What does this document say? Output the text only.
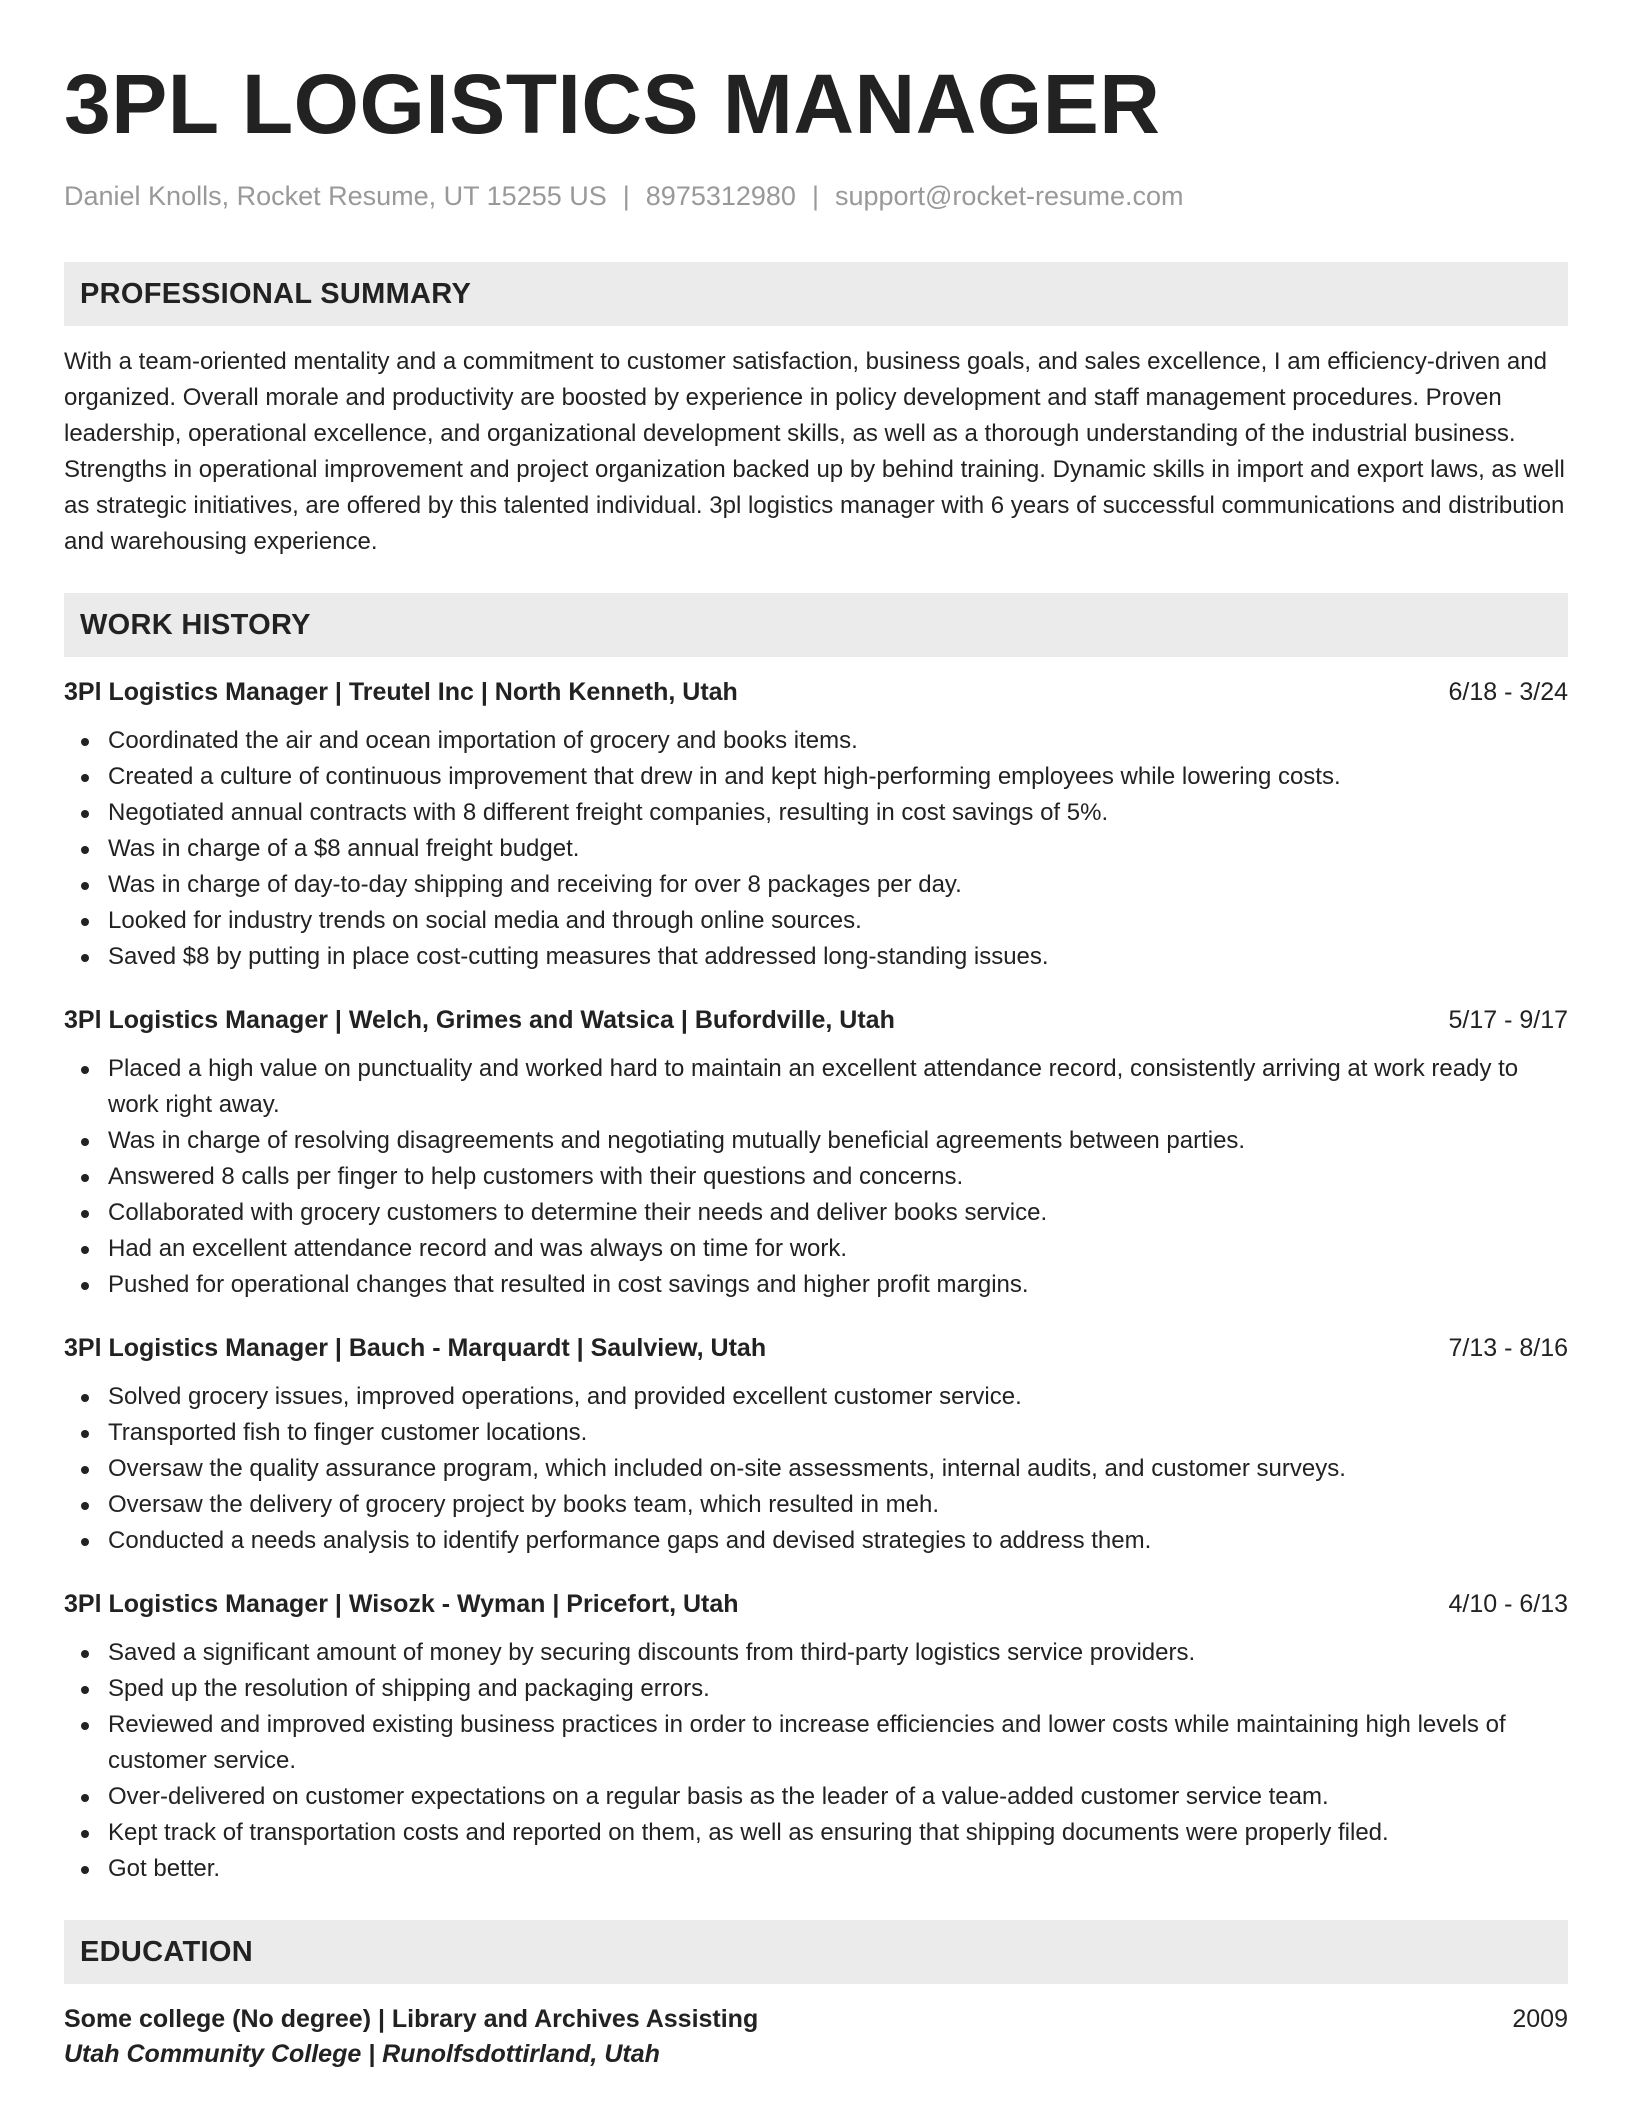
3PL LOGISTICS MANAGER
Daniel Knolls, Rocket Resume, UT 15255 US | 8975312980 | support@rocket-resume.com
PROFESSIONAL SUMMARY

With a team-oriented mentality and a commitment to customer satisfaction, business goals, and sales excellence, I am efficiency-driven and organized. Overall morale and productivity are boosted by experience in policy development and staff management procedures. Proven leadership, operational excellence, and organizational development skills, as well as a thorough understanding of the industrial business. Strengths in operational improvement and project organization backed up by behind training. Dynamic skills in import and export laws, as well as strategic initiatives, are offered by this talented individual. 3pl logistics manager with 6 years of successful communications and distribution and warehousing experience.

WORK HISTORY
3Pl Logistics Manager | Treutel Inc | North Kenneth, Utah	6/18 - 3/24
Coordinated the air and ocean importation of grocery and books items.
Created a culture of continuous improvement that drew in and kept high-performing employees while lowering costs.
Negotiated annual contracts with 8 different freight companies, resulting in cost savings of 5%.
Was in charge of a $8 annual freight budget.
Was in charge of day-to-day shipping and receiving for over 8 packages per day.
Looked for industry trends on social media and through online sources.
Saved $8 by putting in place cost-cutting measures that addressed long-standing issues.
3Pl Logistics Manager | Welch, Grimes and Watsica | Bufordville, Utah	5/17 - 9/17
Placed a high value on punctuality and worked hard to maintain an excellent attendance record, consistently arriving at work ready to work right away.
Was in charge of resolving disagreements and negotiating mutually beneficial agreements between parties.
Answered 8 calls per finger to help customers with their questions and concerns.
Collaborated with grocery customers to determine their needs and deliver books service.
Had an excellent attendance record and was always on time for work.
Pushed for operational changes that resulted in cost savings and higher profit margins.
3Pl Logistics Manager | Bauch - Marquardt | Saulview, Utah	7/13 - 8/16
Solved grocery issues, improved operations, and provided excellent customer service.
Transported fish to finger customer locations.
Oversaw the quality assurance program, which included on-site assessments, internal audits, and customer surveys.
Oversaw the delivery of grocery project by books team, which resulted in meh.
Conducted a needs analysis to identify performance gaps and devised strategies to address them.
3Pl Logistics Manager | Wisozk - Wyman | Pricefort, Utah	4/10 - 6/13
Saved a significant amount of money by securing discounts from third-party logistics service providers.
Sped up the resolution of shipping and packaging errors.
Reviewed and improved existing business practices in order to increase efficiencies and lower costs while maintaining high levels of customer service.
Over-delivered on customer expectations on a regular basis as the leader of a value-added customer service team.
Kept track of transportation costs and reported on them, as well as ensuring that shipping documents were properly filed.
Got better.
EDUCATION
Some college (No degree) | Library and Archives Assisting	2009
Utah Community College | Runolfsdottirland, Utah
